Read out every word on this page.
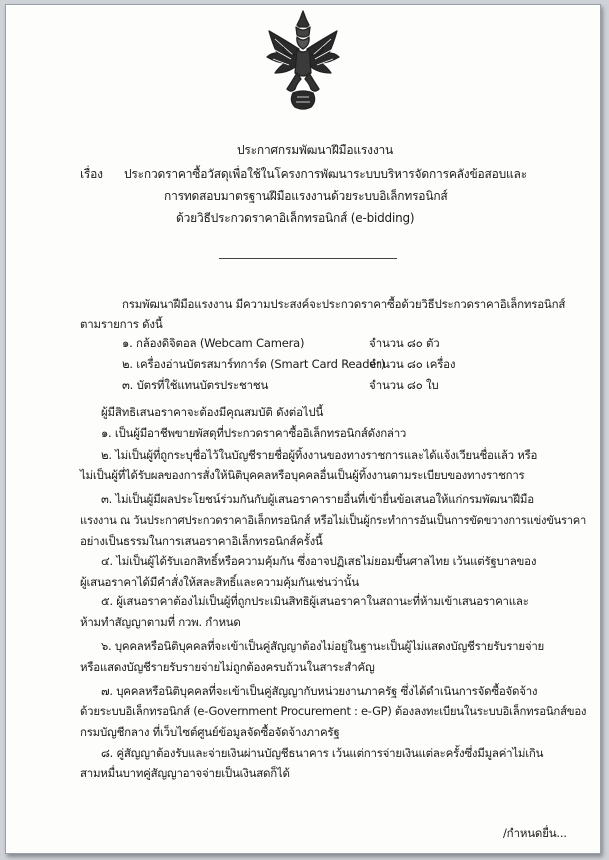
ประกาศกรมพัฒนาฝีมือแรงงาน
เรื่อง ประกวดราคาซื้อวัสดุเพื่อใช้ในโครงการพัฒนาระบบบริหารจัดการคลังข้อสอบและ
การทดสอบมาตรฐานฝีมือแรงงานด้วยระบบอิเล็กทรอนิกส์
ด้วยวิธีประกวดราคาอิเล็กทรอนิกส์ (e-bidding)
กรมพัฒนาฝีมือแรงงาน มีความประสงค์จะประกวดราคาซื้อด้วยวิธีประกวดราคาอิเล็กทรอนิกส์
ตามรายการ ดังนี้
๑. กล้องดิจิตอล (Webcam Camera)	จำนวน ๘๐ ตัว
๒. เครื่องอ่านบัตรสมาร์ทการ์ด (Smart Card Reader)
จำนวน ๘๐ เครื่อง
๓. บัตรที่ใช้แทนบัตรประชาชน	จำนวน ๘๐ ใบ
ผู้มีสิทธิเสนอราคาจะต้องมีคุณสมบัติ ดังต่อไปนี้
๑. เป็นผู้มีอาชีพขายพัสดุที่ประกวดราคาซื้ออิเล็กทรอนิกส์ดังกล่าว
๒. ไม่เป็นผู้ที่ถูกระบุชื่อไว้ในบัญชีรายชื่อผู้ทิ้งงานของทางราชการและได้แจ้งเวียนชื่อแล้ว หรือ
ไม่เป็นผู้ที่ได้รับผลของการสั่งให้นิติบุคคลหรือบุคคลอื่นเป็นผู้ทิ้งงานตามระเบียบของทางราชการ
๓. ไม่เป็นผู้มีผลประโยชน์ร่วมกันกับผู้เสนอราคารายอื่นที่เข้ายื่นข้อเสนอให้แก่กรมพัฒนาฝีมือ
แรงงาน ณ วันประกาศประกวดราคาอิเล็กทรอนิกส์ หรือไม่เป็นผู้กระทำการอันเป็นการขัดขวางการแข่งขันราคา
อย่างเป็นธรรมในการเสนอราคาอิเล็กทรอนิกส์ครั้งนี้
๔. ไม่เป็นผู้ได้รับเอกสิทธิ์หรือความคุ้มกัน ซึ่งอาจปฏิเสธไม่ยอมขึ้นศาลไทย เว้นแต่รัฐบาลของ
ผู้เสนอราคาได้มีคำสั่งให้สละสิทธิ์และความคุ้มกันเช่นว่านั้น
๕. ผู้เสนอราคาต้องไม่เป็นผู้ที่ถูกประเมินสิทธิผู้เสนอราคาในสถานะที่ห้ามเข้าเสนอราคาและ
ห้ามทำสัญญาตามที่ กวพ. กำหนด
๖. บุคคลหรือนิติบุคคลที่จะเข้าเป็นคู่สัญญาต้องไม่อยู่ในฐานะเป็นผู้ไม่แสดงบัญชีรายรับรายจ่าย
หรือแสดงบัญชีรายรับรายจ่ายไม่ถูกต้องครบถ้วนในสาระสำคัญ
๗. บุคคลหรือนิติบุคคลที่จะเข้าเป็นคู่สัญญากับหน่วยงานภาครัฐ ซึ่งได้ดำเนินการจัดซื้อจัดจ้าง
ด้วยระบบอิเล็กทรอนิกส์ (e-Government Procurement : e-GP) ต้องลงทะเบียนในระบบอิเล็กทรอนิกส์ของ
กรมบัญชีกลาง ที่เว็บไซต์ศูนย์ข้อมูลจัดซื้อจัดจ้างภาครัฐ
๘. คู่สัญญาต้องรับและจ่ายเงินผ่านบัญชีธนาคาร เว้นแต่การจ่ายเงินแต่ละครั้งซึ่งมีมูลค่าไม่เกิน
สามหมื่นบาทคู่สัญญาอาจจ่ายเป็นเงินสดก็ได้
/กำหนดยื่น...
